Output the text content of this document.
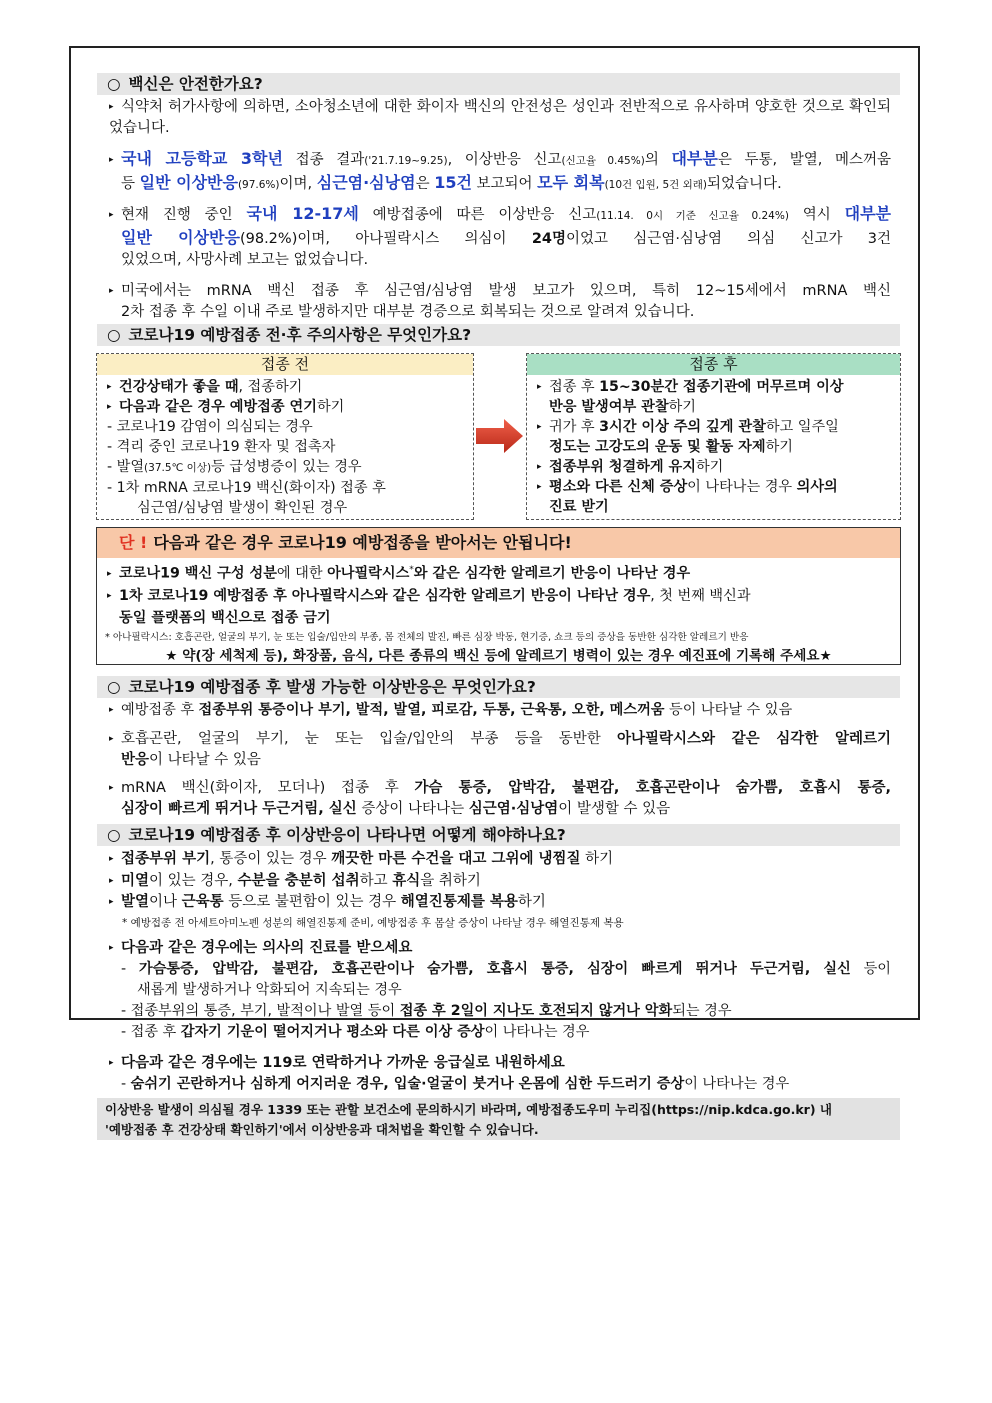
○ 백신은 안전한가요?
▸ 식약처 허가사항에 의하면, 소아청소년에 대한 화이자 백신의 안전성은 성인과 전반적으로 유사하며 양호한 것으로 확인되었습니다.
▸ 국내 고등학교 3학년 접종 결과('21.7.19~9.25), 이상반응 신고(신고율 0.45%)의 대부분은 두통, 발열, 메스꺼움
등 일반 이상반응(97.6%)이며, 심근염·심낭염은 15건 보고되어 모두 회복(10건 입원, 5건 외래)되었습니다.
▸ 현재 진행 중인 국내 12-17세 예방접종에 따른 이상반응 신고(11.14. 0시 기준 신고율 0.24%) 역시 대부분
일반 이상반응(98.2%)이며, 아나필락시스 의심이 24명이었고 심근염·심낭염 의심 신고가 3건
있었으며, 사망사례 보고는 없었습니다.
▸ 미국에서는 mRNA 백신 접종 후 심근염/심낭염 발생 보고가 있으며, 특히 12~15세에서 mRNA 백신
2차 접종 후 수일 이내 주로 발생하지만 대부분 경증으로 회복되는 것으로 알려져 있습니다.
○ 코로나19 예방접종 전·후 주의사항은 무엇인가요?
접종 전
▸ 건강상태가 좋을 때, 접종하기
▸ 다음과 같은 경우 예방접종 연기하기
- 코로나19 감염이 의심되는 경우
- 격리 중인 코로나19 환자 및 접촉자
- 발열(37.5℃ 이상)등 급성병증이 있는 경우
- 1차 mRNA 코로나19 백신(화이자) 접종 후
심근염/심낭염 발생이 확인된 경우
접종 후
▸ 접종 후 15~30분간 접종기관에 머무르며 이상
반응 발생여부 관찰하기
▸ 귀가 후 3시간 이상 주의 깊게 관찰하고 일주일
정도는 고강도의 운동 및 활동 자제하기
▸ 접종부위 청결하게 유지하기
▸ 평소와 다른 신체 증상이 나타나는 경우 의사의
진료 받기
단 ! 다음과 같은 경우 코로나19 예방접종을 받아서는 안됩니다!
▸ 코로나19 백신 구성 성분에 대한 아나필락시스*와 같은 심각한 알레르기 반응이 나타난 경우
▸ 1차 코로나19 예방접종 후 아나필락시스와 같은 심각한 알레르기 반응이 나타난 경우, 첫 번째 백신과
동일 플랫폼의 백신으로 접종 금기
* 아나필락시스: 호흡곤란, 얼굴의 부기, 눈 또는 입술/입안의 부종, 몸 전체의 발진, 빠른 심장 박동, 현기증, 쇼크 등의 증상을 동반한 심각한 알레르기 반응
★ 약(장 세척제 등), 화장품, 음식, 다른 종류의 백신 등에 알레르기 병력이 있는 경우 예진표에 기록해 주세요★
○ 코로나19 예방접종 후 발생 가능한 이상반응은 무엇인가요?
▸ 예방접종 후 접종부위 통증이나 부기, 발적, 발열, 피로감, 두통, 근육통, 오한, 메스꺼움 등이 나타날 수 있음
▸ 호흡곤란, 얼굴의 부기, 눈 또는 입술/입안의 부종 등을 동반한 아나필락시스와 같은 심각한 알레르기
반응이 나타날 수 있음
▸ mRNA 백신(화이자, 모더나) 접종 후 가슴 통증, 압박감, 불편감, 호흡곤란이나 숨가쁨, 호흡시 통증,
심장이 빠르게 뛰거나 두근거림, 실신 증상이 나타나는 심근염·심낭염이 발생할 수 있음
○ 코로나19 예방접종 후 이상반응이 나타나면 어떻게 해야하나요?
▸ 접종부위 부기, 통증이 있는 경우 깨끗한 마른 수건을 대고 그위에 냉찜질 하기
▸ 미열이 있는 경우, 수분을 충분히 섭취하고 휴식을 취하기
▸ 발열이나 근육통 등으로 불편함이 있는 경우 해열진통제를 복용하기
* 예방접종 전 아세트아미노펜 성분의 해열진통제 준비, 예방접종 후 몸살 증상이 나타날 경우 해열진통제 복용
▸ 다음과 같은 경우에는 의사의 진료를 받으세요
- 가슴통증, 압박감, 불편감, 호흡곤란이나 숨가쁨, 호흡시 통증, 심장이 빠르게 뛰거나 두근거림, 실신 등이
새롭게 발생하거나 악화되어 지속되는 경우
- 접종부위의 통증, 부기, 발적이나 발열 등이 접종 후 2일이 지나도 호전되지 않거나 악화되는 경우
- 접종 후 갑자기 기운이 떨어지거나 평소와 다른 이상 증상이 나타나는 경우
▸ 다음과 같은 경우에는 119로 연락하거나 가까운 응급실로 내원하세요
- 숨쉬기 곤란하거나 심하게 어지러운 경우, 입술·얼굴이 붓거나 온몸에 심한 두드러기 증상이 나타나는 경우
이상반응 발생이 의심될 경우 1339 또는 관할 보건소에 문의하시기 바라며, 예방접종도우미 누리집(https://nip.kdca.go.kr) 내
'예방접종 후 건강상태 확인하기'에서 이상반응과 대처법을 확인할 수 있습니다.
